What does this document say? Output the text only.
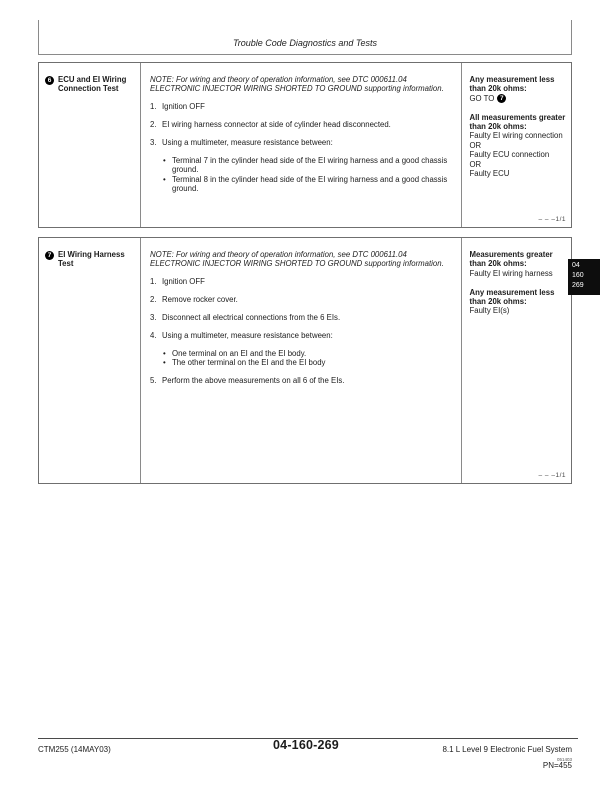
Trouble Code Diagnostics and Tests
6 ECU and EI Wiring Connection Test
NOTE: For wiring and theory of operation information, see DTC 000611.04 ELECTRONIC INJECTOR WIRING SHORTED TO GROUND supporting information.
1. Ignition OFF
2. EI wiring harness connector at side of cylinder head disconnected.
3. Using a multimeter, measure resistance between:
• Terminal 7 in the cylinder head side of the EI wiring harness and a good chassis ground.
• Terminal 8 in the cylinder head side of the EI wiring harness and a good chassis ground.
Any measurement less than 20k ohms:
GO TO 7
All measurements greater than 20k ohms:
Faulty EI wiring connection
OR
Faulty ECU connection
OR
Faulty ECU
– – –1/1
7 EI Wiring Harness Test
NOTE: For wiring and theory of operation information, see DTC 000611.04 ELECTRONIC INJECTOR WIRING SHORTED TO GROUND supporting information.
1. Ignition OFF
2. Remove rocker cover.
3. Disconnect all electrical connections from the 6 EIs.
4. Using a multimeter, measure resistance between:
• One terminal on an EI and the EI body.
• The other terminal on the EI and the EI body
5. Perform the above measurements on all 6 of the EIs.
Measurements greater than 20k ohms:
Faulty EI wiring harness
Any measurement less than 20k ohms:
Faulty EI(s)
– – –1/1
04
160
269
CTM255 (14MAY03)	04-160-269	8.1 L Level 9 Electronic Fuel System
051403
PN=455
